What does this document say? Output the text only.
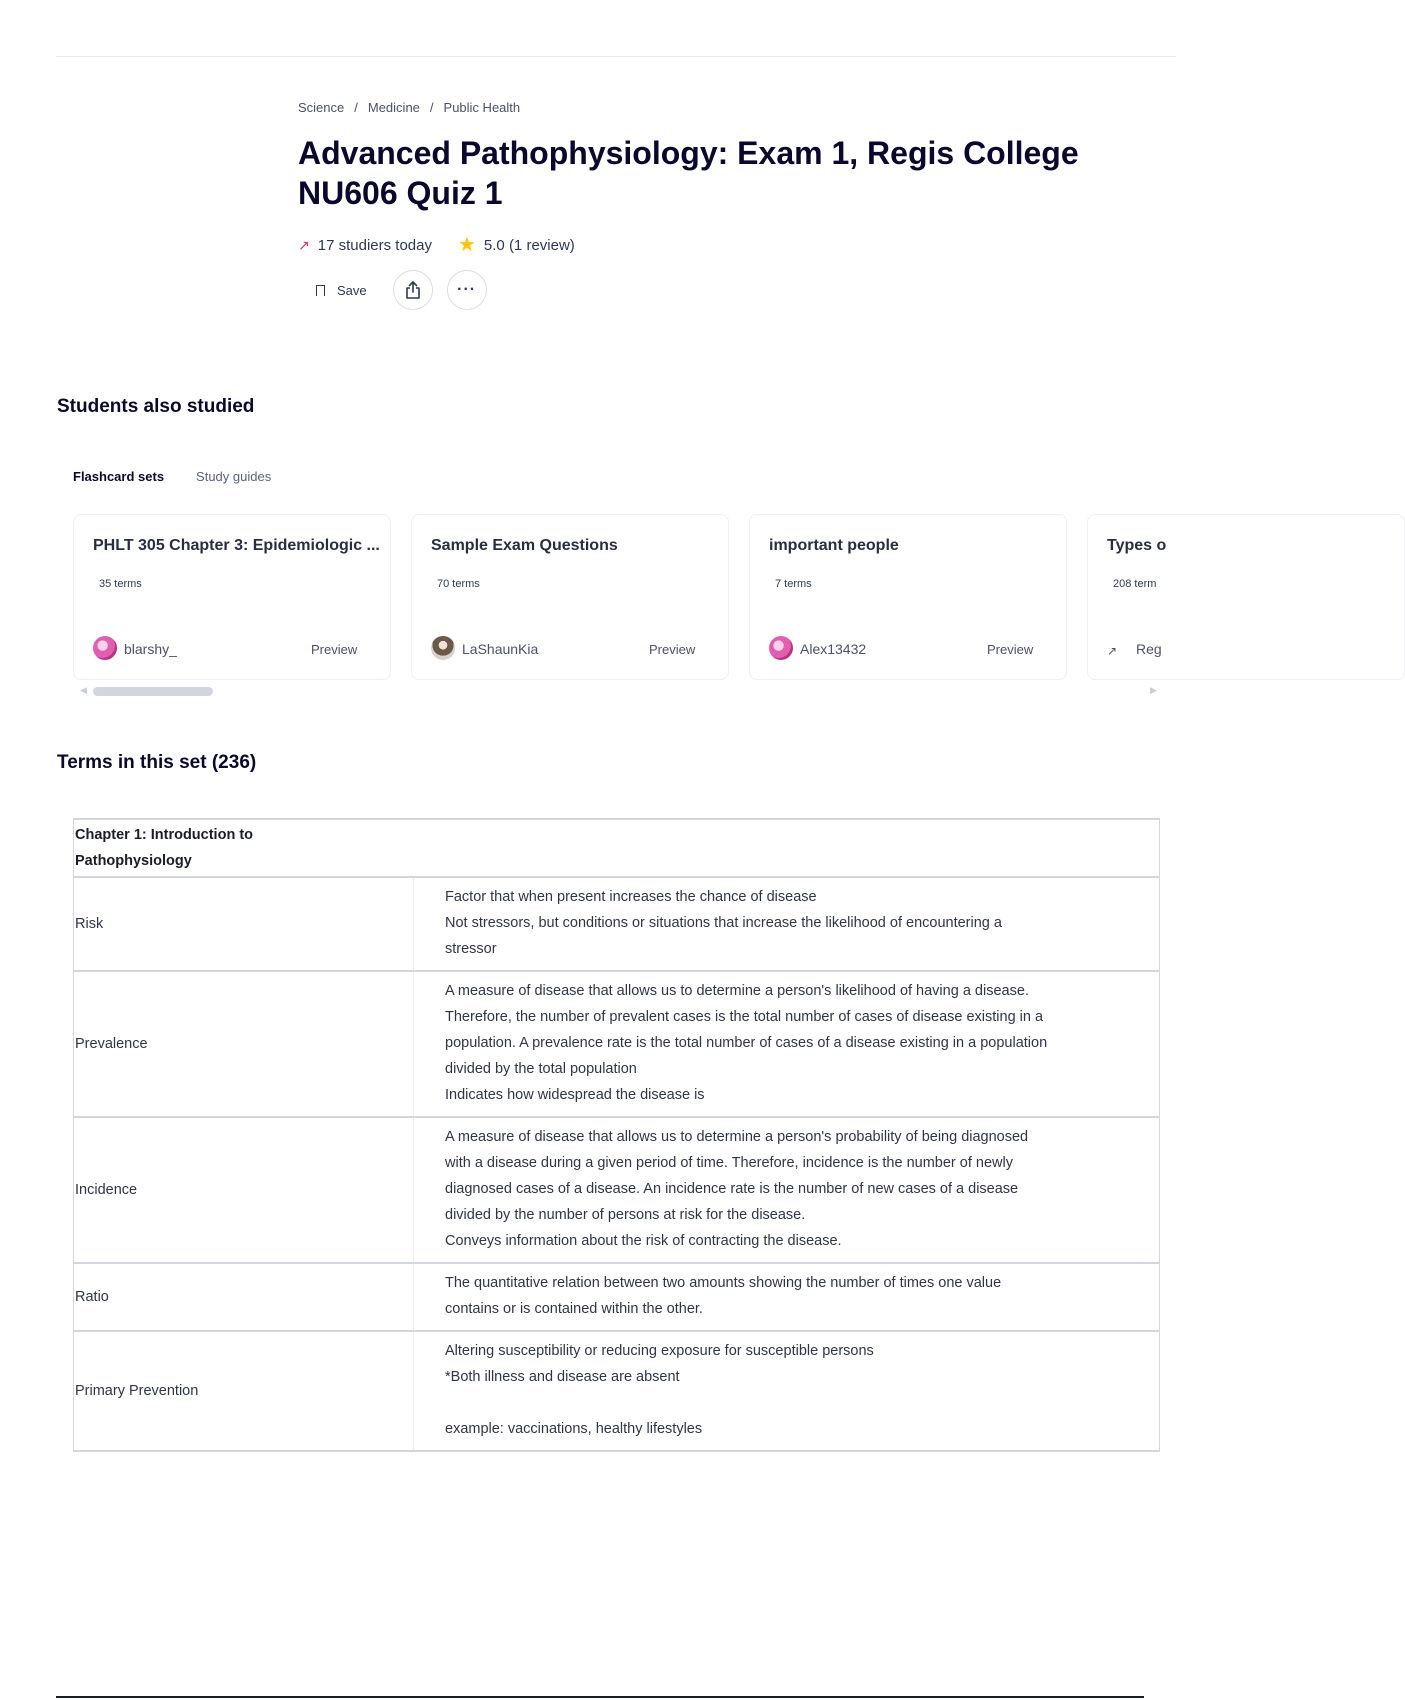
Science / Medicine / Public Health
Advanced Pathophysiology: Exam 1, Regis College NU606 Quiz 1
↗ 17 studiers today ★ 5.0 (1 review)
Save	···
Students also studied
Flashcard sets Study guides
PHLT 305 Chapter 3: Epidemiologic ...
35 terms
blarshy_	Preview
Sample Exam Questions
70 terms
LaShaunKia	Preview
important people
7 terms
Alex13432	Preview
Types o
208 term
↗	Reg
◀	▶
Terms in this set (236)
Chapter 1: Introduction to Pathophysiology	

Risk	Factor that when present increases the chance of disease
Not stressors, but conditions or situations that increase the likelihood of encountering a stressor

Prevalence	A measure of disease that allows us to determine a person's likelihood of having a disease. Therefore, the number of prevalent cases is the total number of cases of disease existing in a population. A prevalence rate is the total number of cases of a disease existing in a population divided by the total population
Indicates how widespread the disease is

Incidence	A measure of disease that allows us to determine a person's probability of being diagnosed with a disease during a given period of time. Therefore, incidence is the number of newly diagnosed cases of a disease. An incidence rate is the number of new cases of a disease divided by the number of persons at risk for the disease.
Conveys information about the risk of contracting the disease.

Ratio	The quantitative relation between two amounts showing the number of times one value contains or is contained within the other.

Primary Prevention	Altering susceptibility or reducing exposure for susceptible persons
*Both illness and disease are absent

example: vaccinations, healthy lifestyles
